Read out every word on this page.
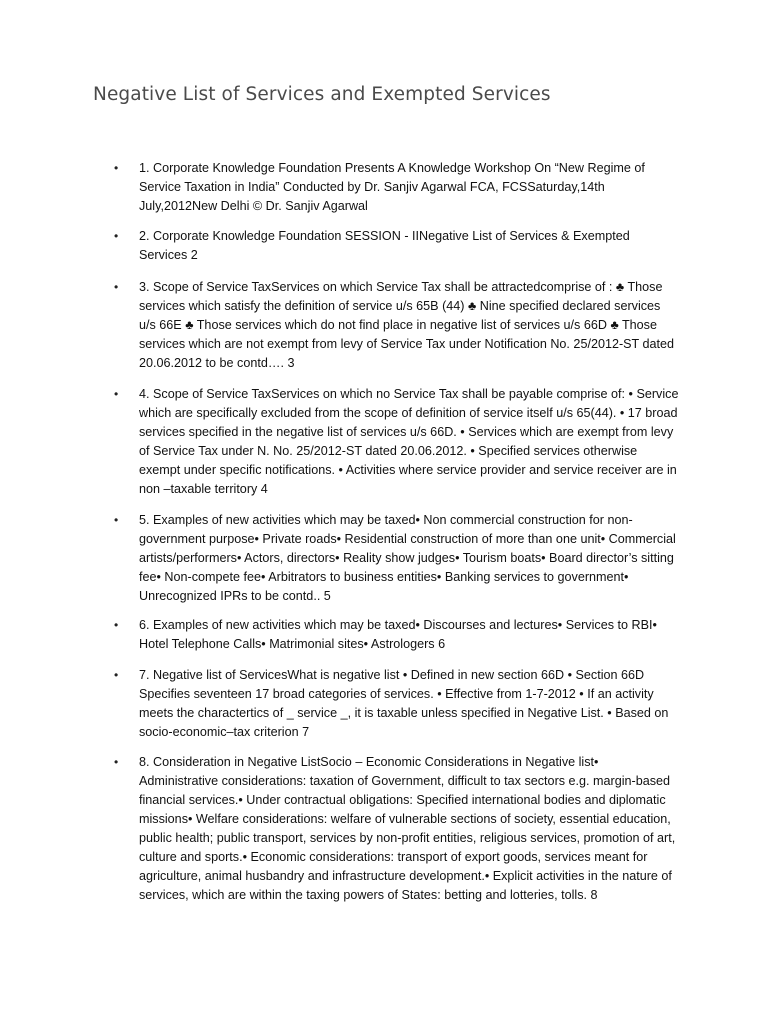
Negative List of Services and Exempted Services
• 1. Corporate Knowledge Foundation Presents A Knowledge Workshop On “New Regime of Service Taxation in India” Conducted by Dr. Sanjiv Agarwal FCA, FCSSaturday,14th July,2012New Delhi © Dr. Sanjiv Agarwal
• 2. Corporate Knowledge Foundation SESSION - IINegative List of Services & Exempted Services 2
• 3. Scope of Service TaxServices on which Service Tax shall be attractedcomprise of : ♣ Those services which satisfy the definition of service u/s 65B (44) ♣ Nine specified declared services u/s 66E ♣ Those services which do not find place in negative list of services u/s 66D ♣ Those services which are not exempt from levy of Service Tax under Notification No. 25/2012-ST dated 20.06.2012 to be contd…. 3
• 4. Scope of Service TaxServices on which no Service Tax shall be payable comprise of: • Service which are specifically excluded from the scope of definition of service itself u/s 65(44). • 17 broad services specified in the negative list of services u/s 66D. • Services which are exempt from levy of Service Tax under N. No. 25/2012-ST dated 20.06.2012. • Specified services otherwise exempt under specific notifications. • Activities where service provider and service receiver are in non –taxable territory 4
• 5. Examples of new activities which may be taxed• Non commercial construction for non-government purpose• Private roads• Residential construction of more than one unit• Commercial artists/performers• Actors, directors• Reality show judges• Tourism boats• Board director’s sitting fee• Non-compete fee• Arbitrators to business entities• Banking services to government• Unrecognized IPRs to be contd.. 5
• 6. Examples of new activities which may be taxed• Discourses and lectures• Services to RBI• Hotel Telephone Calls• Matrimonial sites• Astrologers 6
• 7. Negative list of ServicesWhat is negative list • Defined in new section 66D • Section 66D Specifies seventeen 17 broad categories of services. • Effective from 1-7-2012 • If an activity meets the charactertics of _ service _, it is taxable unless specified in Negative List. • Based on socio-economic–tax criterion 7
• 8. Consideration in Negative ListSocio – Economic Considerations in Negative list• Administrative considerations: taxation of Government, difficult to tax sectors e.g. margin-based financial services.• Under contractual obligations: Specified international bodies and diplomatic missions• Welfare considerations: welfare of vulnerable sections of society, essential education, public health; public transport, services by non-profit entities, religious services, promotion of art, culture and sports.• Economic considerations: transport of export goods, services meant for agriculture, animal husbandry and infrastructure development.• Explicit activities in the nature of services, which are within the taxing powers of States: betting and lotteries, tolls. 8
